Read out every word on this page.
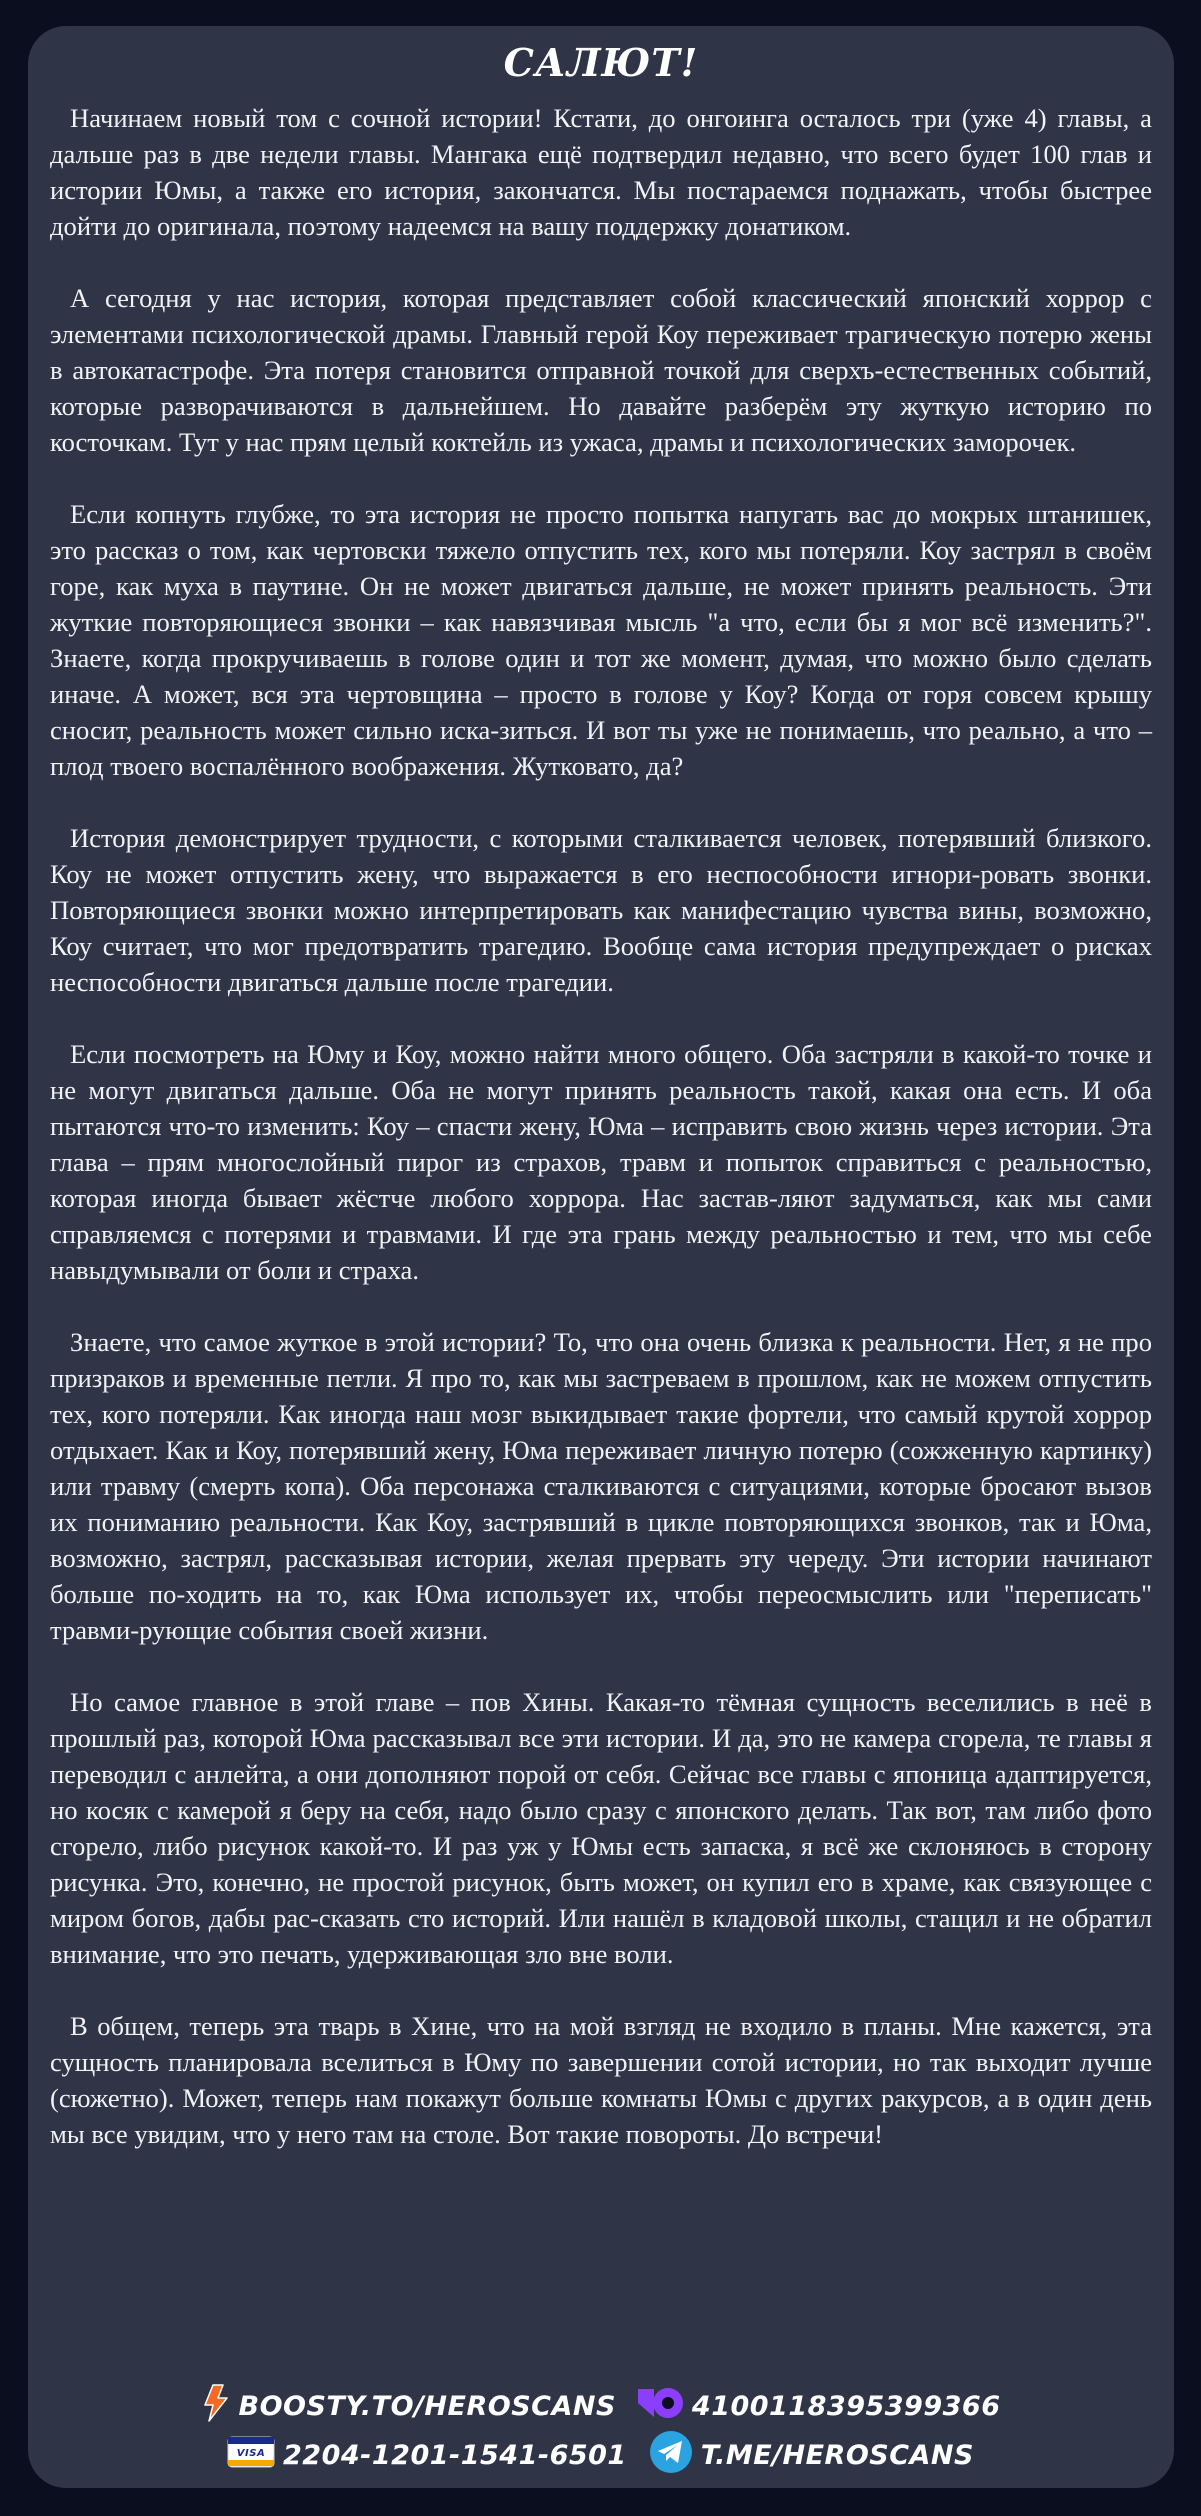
САЛЮТ!

Начинаем новый том с сочной истории! Кстати, до онгоинга осталось три (уже 4) главы, а дальше раз в две недели главы. Мангака ещё подтвердил недавно, что всего будет 100 глав и истории Юмы, а также его история, закончатся. Мы постараемся поднажать, чтобы быстрее дойти до оригинала, поэтому надеемся на вашу поддержку донатиком.

А сегодня у нас история, которая представляет собой классический японский хоррор с элементами психологической драмы. Главный герой Коу переживает трагическую потерю жены в автокатастрофе. Эта потеря становится отправной точкой для сверхъ-естественных событий, которые разворачиваются в дальнейшем. Но давайте разберём эту жуткую историю по косточкам. Тут у нас прям целый коктейль из ужаса, драмы и психологических заморочек.

Если копнуть глубже, то эта история не просто попытка напугать вас до мокрых штанишек, это рассказ о том, как чертовски тяжело отпустить тех, кого мы потеряли. Коу застрял в своём горе, как муха в паутине. Он не может двигаться дальше, не может принять реальность. Эти жуткие повторяющиеся звонки – как навязчивая мысль "а что, если бы я мог всё изменить?". Знаете, когда прокручиваешь в голове один и тот же момент, думая, что можно было сделать иначе. А может, вся эта чертовщина – просто в голове у Коу? Когда от горя совсем крышу сносит, реальность может сильно иска-зиться. И вот ты уже не понимаешь, что реально, а что – плод твоего воспалённого воображения. Жутковато, да?

История демонстрирует трудности, с которыми сталкивается человек, потерявший близкого. Коу не может отпустить жену, что выражается в его неспособности игнори-ровать звонки. Повторяющиеся звонки можно интерпретировать как манифестацию чувства вины, возможно, Коу считает, что мог предотвратить трагедию. Вообще сама история предупреждает о рисках неспособности двигаться дальше после трагедии.

Если посмотреть на Юму и Коу, можно найти много общего. Оба застряли в какой-то точке и не могут двигаться дальше. Оба не могут принять реальность такой, какая она есть. И оба пытаются что-то изменить: Коу – спасти жену, Юма – исправить свою жизнь через истории. Эта глава – прям многослойный пирог из страхов, травм и попыток справиться с реальностью, которая иногда бывает жёстче любого хоррора. Нас застав-ляют задуматься, как мы сами справляемся с потерями и травмами. И где эта грань между реальностью и тем, что мы себе навыдумывали от боли и страха.

Знаете, что самое жуткое в этой истории? То, что она очень близка к реальности. Нет, я не про призраков и временные петли. Я про то, как мы застреваем в прошлом, как не можем отпустить тех, кого потеряли. Как иногда наш мозг выкидывает такие фортели, что самый крутой хоррор отдыхает. Как и Коу, потерявший жену, Юма переживает личную потерю (сожженную картинку) или травму (смерть копа). Оба персонажа сталкиваются с ситуациями, которые бросают вызов их пониманию реальности. Как Коу, застрявший в цикле повторяющихся звонков, так и Юма, возможно, застрял, рассказывая истории, желая прервать эту череду. Эти истории начинают больше по-ходить на то, как Юма использует их, чтобы переосмыслить или "переписать" травми-рующие события своей жизни.

Но самое главное в этой главе – пов Хины. Какая-то тёмная сущность веселились в неё в прошлый раз, которой Юма рассказывал все эти истории. И да, это не камера сгорела, те главы я переводил с анлейта, а они дополняют порой от себя. Сейчас все главы с японица адаптируется, но косяк с камерой я беру на себя, надо было сразу с японского делать. Так вот, там либо фото сгорело, либо рисунок какой-то. И раз уж у Юмы есть запаска, я всё же склоняюсь в сторону рисунка. Это, конечно, не простой рисунок, быть может, он купил его в храме, как связующее с миром богов, дабы рас-сказать сто историй. Или нашёл в кладовой школы, стащил и не обратил внимание, что это печать, удерживающая зло вне воли.

В общем, теперь эта тварь в Хине, что на мой взгляд не входило в планы. Мне кажется, эта сущность планировала вселиться в Юму по завершении сотой истории, но так выходит лучше (сюжетно). Может, теперь нам покажут больше комнаты Юмы с других ракурсов, а в один день мы все увидим, что у него там на столе. Вот такие повороты. До встречи!

BOOSTY.TO/HEROSCANS	4100118395399366
VISA 2204-1201-1541-6501	T.ME/HEROSCANS
